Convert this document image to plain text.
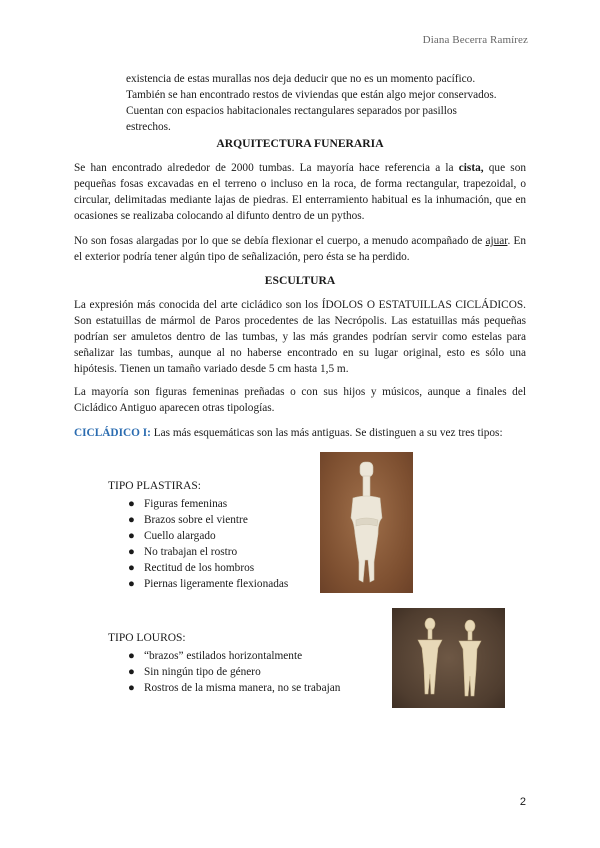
Diana Becerra Ramírez
existencia de estas murallas nos deja deducir que no es un momento pacífico.
También se han encontrado restos de viviendas que están algo mejor conservados.
Cuentan con espacios habitacionales rectangulares separados por pasillos
estrechos.
ARQUITECTURA FUNERARIA

Se han encontrado alrededor de 2000 tumbas. La mayoría hace referencia a la cista, que son pequeñas fosas excavadas en el terreno o incluso en la roca, de forma rectangular, trapezoidal, o circular, delimitadas mediante lajas de piedras. El enterramiento habitual es la inhumación, que en ocasiones se realizaba colocando al difunto dentro de un pythos.

No son fosas alargadas por lo que se debía flexionar el cuerpo, a menudo acompañado de ajuar. En el exterior podría tener algún tipo de señalización, pero ésta se ha perdido.

ESCULTURA

La expresión más conocida del arte cicládico son los ÍDOLOS O ESTATUILLAS CICLÁDICOS. Son estatuillas de mármol de Paros procedentes de las Necrópolis. Las estatuillas más pequeñas podrían ser amuletos dentro de las tumbas, y las más grandes podrían servir como estelas para señalizar las tumbas, aunque al no haberse encontrado en su lugar original, esto es sólo una hipótesis. Tienen un tamaño variado desde 5 cm hasta 1,5 m.

La mayoría son figuras femeninas preñadas o con sus hijos y músicos, aunque a finales del Cicládico Antiguo aparecen otras tipologías.

CICLÁDICO I: Las más esquemáticas son las más antiguas. Se distinguen a su vez tres tipos:

TIPO PLASTIRAS:
● Figuras femeninas
● Brazos sobre el vientre
● Cuello alargado
● No trabajan el rostro
● Rectitud de los hombros
● Piernas ligeramente flexionadas
TIPO LOUROS:
● “brazos” estilados horizontalmente
● Sin ningún tipo de género
● Rostros de la misma manera, no se trabajan
2
